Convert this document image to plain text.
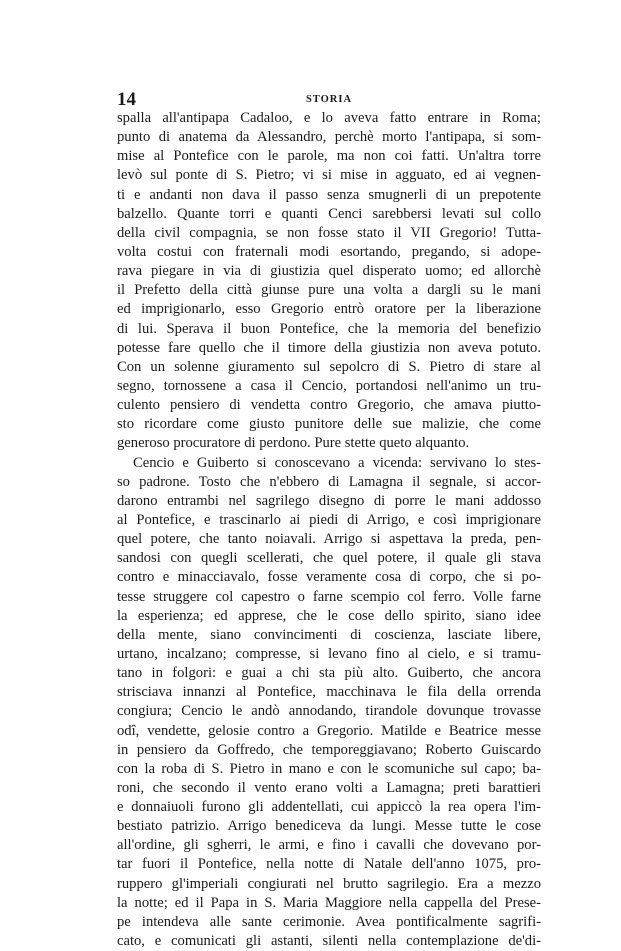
14	STORIA
spalla all'antipapa Cadaloo, e lo aveva fatto entrare in Roma;
punto di anatema da Alessandro, perchè morto l'antipapa, si som-
mise al Pontefice con le parole, ma non coi fatti. Un'altra torre
levò sul ponte di S. Pietro; vi si mise in agguato, ed ai vegnen-
ti e andanti non dava il passo senza smugnerli di un prepotente
balzello. Quante torri e quanti Cenci sarebbersi levati sul collo
della civil compagnia, se non fosse stato il VII Gregorio! Tutta-
volta costui con fraternali modi esortando, pregando, si adope-
rava piegare in via di giustizia quel disperato uomo; ed allorchè
il Prefetto della città giunse pure una volta a dargli su le mani
ed imprigionarlo, esso Gregorio entrò oratore per la liberazione
di lui. Sperava il buon Pontefice, che la memoria del benefizio
potesse fare quello che il timore della giustizia non aveva potuto.
Con un solenne giuramento sul sepolcro di S. Pietro di stare al
segno, tornossene a casa il Cencio, portandosi nell'animo un tru-
culento pensiero di vendetta contro Gregorio, che amava piutto-
sto ricordare come giusto punitore delle sue malizie, che come
generoso procuratore di perdono. Pure stette queto alquanto.
Cencio e Guiberto si conoscevano a vicenda: servivano lo stes-
so padrone. Tosto che n'ebbero di Lamagna il segnale, si accor-
darono entrambi nel sagrilego disegno di porre le mani addosso
al Pontefice, e trascinarlo ai piedi di Arrigo, e così imprigionare
quel potere, che tanto noiavali. Arrigo si aspettava la preda, pen-
sandosi con quegli scellerati, che quel potere, il quale gli stava
contro e minacciavalo, fosse veramente cosa di corpo, che si po-
tesse struggere col capestro o farne scempio col ferro. Volle farne
la esperienza; ed apprese, che le cose dello spirito, siano idee
della mente, siano convincimenti di coscienza, lasciate libere,
urtano, incalzano; compresse, si levano fino al cielo, e si tramu-
tano in folgori: e guai a chi sta più alto. Guiberto, che ancora
strisciava innanzi al Pontefice, macchinava le fila della orrenda
congiura; Cencio le andò annodando, tirandole dovunque trovasse
odî, vendette, gelosie contro a Gregorio. Matilde e Beatrice messe
in pensiero da Goffredo, che temporeggiavano; Roberto Guiscardo
con la roba di S. Pietro in mano e con le scomuniche sul capo; ba-
roni, che secondo il vento erano volti a Lamagna; preti barattieri
e donnaiuoli furono gli addentellati, cui appiccò la rea opera l'im-
bestiato patrizio. Arrigo benediceva da lungi. Messe tutte le cose
all'ordine, gli sgherri, le armi, e fino i cavalli che dovevano por-
tar fuori il Pontefice, nella notte di Natale dell'anno 1075, pro-
ruppero gl'imperiali congiurati nel brutto sagrilegio. Era a mezzo
la notte; ed il Papa in S. Maria Maggiore nella cappella del Prese-
pe intendeva alle sante cerimonie. Avea pontificalmente sagrifi-
cato, e comunicati gli astanti, silenti nella contemplazione de'di-
